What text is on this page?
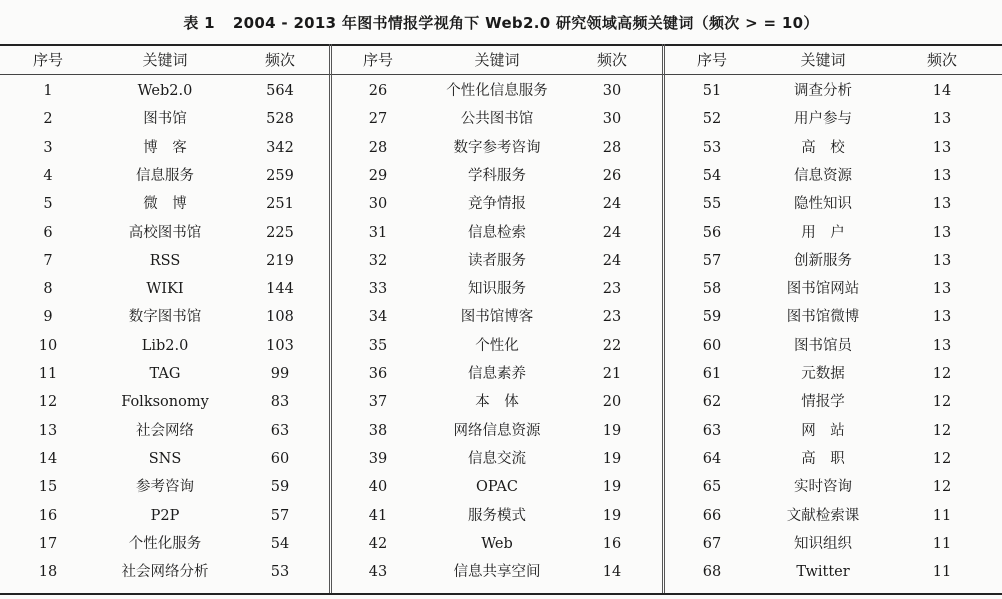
表 1 2004 - 2013 年图书情报学视角下 Web2.0 研究领域高频关键词（频次 > = 10）
序号	关键词	频次
1	Web2.0	564
2	图书馆	528
3	博　客	342
4	信息服务	259
5	微　博	251
6	高校图书馆	225
7	RSS	219
8	WIKI	144
9	数字图书馆	108
10	Lib2.0	103
11	TAG	99
12	Folksonomy	83
13	社会网络	63
14	SNS	60
15	参考咨询	59
16	P2P	57
17	个性化服务	54
18	社会网络分析	53
序号	关键词	频次
26	个性化信息服务	30
27	公共图书馆	30
28	数字参考咨询	28
29	学科服务	26
30	竞争情报	24
31	信息检索	24
32	读者服务	24
33	知识服务	23
34	图书馆博客	23
35	个性化	22
36	信息素养	21
37	本　体	20
38	网络信息资源	19
39	信息交流	19
40	OPAC	19
41	服务模式	19
42	Web	16
43	信息共享空间	14
序号	关键词	频次
51	调查分析	14
52	用户参与	13
53	高　校	13
54	信息资源	13
55	隐性知识	13
56	用　户	13
57	创新服务	13
58	图书馆网站	13
59	图书馆微博	13
60	图书馆员	13
61	元数据	12
62	情报学	12
63	网　站	12
64	高　职	12
65	实时咨询	12
66	文献检索课	11
67	知识组织	11
68	Twitter	11
